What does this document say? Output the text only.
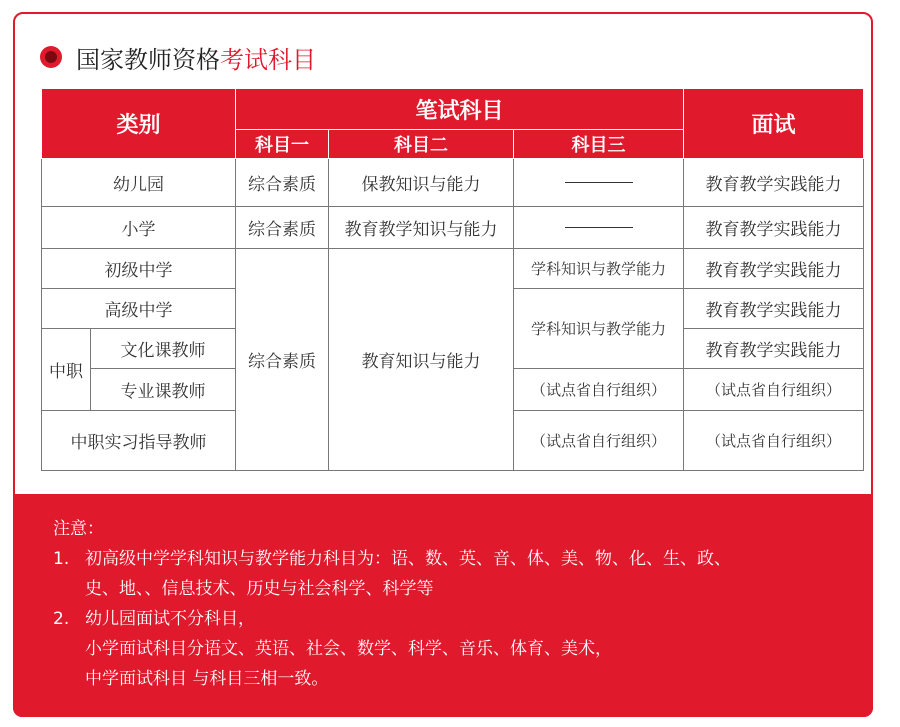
国家教师资格 考试科目
类别		笔试科目			面试
		科目一	科目二	科目三	
幼儿园		综合素质	保教知识与能力		教育教学实践能力
小学		综合素质	教育教学知识与能力		教育教学实践能力
初级中学		综合素质	教育知识与能力	学科知识与教学能力	教育教学实践能力
高级中学				学科知识与教学能力	教育教学实践能力
中职	文化课教师				教育教学实践能力
	专业课教师			（试点省自行组织）	（试点省自行组织）
中职实习指导教师				（试点省自行组织）	（试点省自行组织）
注意：
1. 初高级中学学科知识与教学能力科目为：语、数、英、音、体、美、物、化、生、政、
史、地、、信息技术、历史与社会科学、科学等
2. 幼儿园面试不分科目，
小学面试科目分语文、英语、社会、数学、科学、音乐、体育、美术，
中学面试科目 与科目三相一致。
